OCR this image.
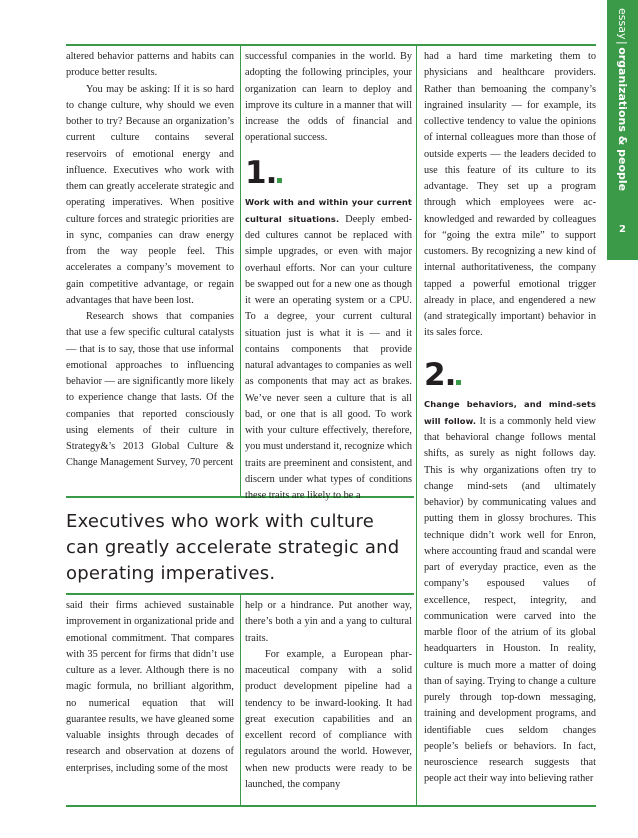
essay|organizations & people
2

altered behavior patterns and habits can produce better results.

You may be asking: If it is so hard to change culture, why should we even bother to try? Because an organization’s current culture contains several reservoirs of emotional energy and influence. Executives who work with them can greatly accelerate strategic and operating imperatives. When positive culture forces and strategic priorities are in sync, companies can draw energy from the way people feel. This accelerates a company’s movement to gain competitive advantage, or regain advantages that have been lost.

Research shows that companies that use a few specific cultural catalysts — that is to say, those that use informal emotional approaches to influencing behavior — are significantly more likely to experience change that lasts. Of the companies that reported consciously using elements of their culture in Strategy&’s 2013 Global Culture & Change Management Survey, 70 percent

successful companies in the world. By adopting the following principles, your organization can learn to deploy and improve its culture in a manner that will increase the odds of financial and operational success.

1.

Work with and within your current cultural situations. Deeply embedded cultures cannot be replaced with simple upgrades, or even with major overhaul efforts. Nor can your culture be swapped out for a new one as though it were an operating system or a CPU. To a degree, your current cultural situation just is what it is — and it contains components that provide natural advantages to companies as well as components that may act as brakes. We’ve never seen a culture that is all bad, or one that is all good. To work with your culture effectively, therefore, you must understand it, recognize which traits are preeminent and consistent, and discern under what types of conditions these traits are likely to be a

had a hard time marketing them to physicians and healthcare providers. Rather than bemoaning the company’s ingrained insularity — for example, its collective tendency to value the opinions of internal colleagues more than those of outside experts — the leaders decided to use this feature of its culture to its advantage. They set up a program through which employees were acknowledged and rewarded by colleagues for “going the extra mile” to support customers. By recognizing a new kind of internal authoritativeness, the company tapped a powerful emotional trigger already in place, and engendered a new (and strategically important) behavior in its sales force.

2.

Change behaviors, and mind-sets will follow. It is a commonly held view that behavioral change follows mental shifts, as surely as night follows day. This is why organizations often try to change mind-sets (and ultimately behavior) by communicating values and putting them in glossy brochures. This technique didn’t work well for Enron, where accounting fraud and scandal were part of everyday practice, even as the company’s espoused values of excellence, respect, integrity, and communication were carved into the marble floor of the atrium of its global headquarters in Houston. In reality, culture is much more a matter of doing than of saying. Trying to change a culture purely through top-down messaging, training and development programs, and identifiable cues seldom changes people’s beliefs or behaviors. In fact, neuroscience research suggests that people act their way into believing rather

Executives who work with culture can greatly accelerate strategic and operating imperatives.

said their firms achieved sustainable improvement in organizational pride and emotional commitment. That compares with 35 percent for firms that didn’t use culture as a lever. Although there is no magic formula, no brilliant algorithm, no numerical equation that will guarantee results, we have gleaned some valuable insights through decades of research and observation at dozens of enterprises, including some of the most

help or a hindrance. Put another way, there’s both a yin and a yang to cultural traits.

For example, a European pharmaceutical company with a solid product development pipeline had a tendency to be inward-looking. It had great execution capabilities and an excellent record of compliance with regulators around the world. However, when new products were ready to be launched, the company
